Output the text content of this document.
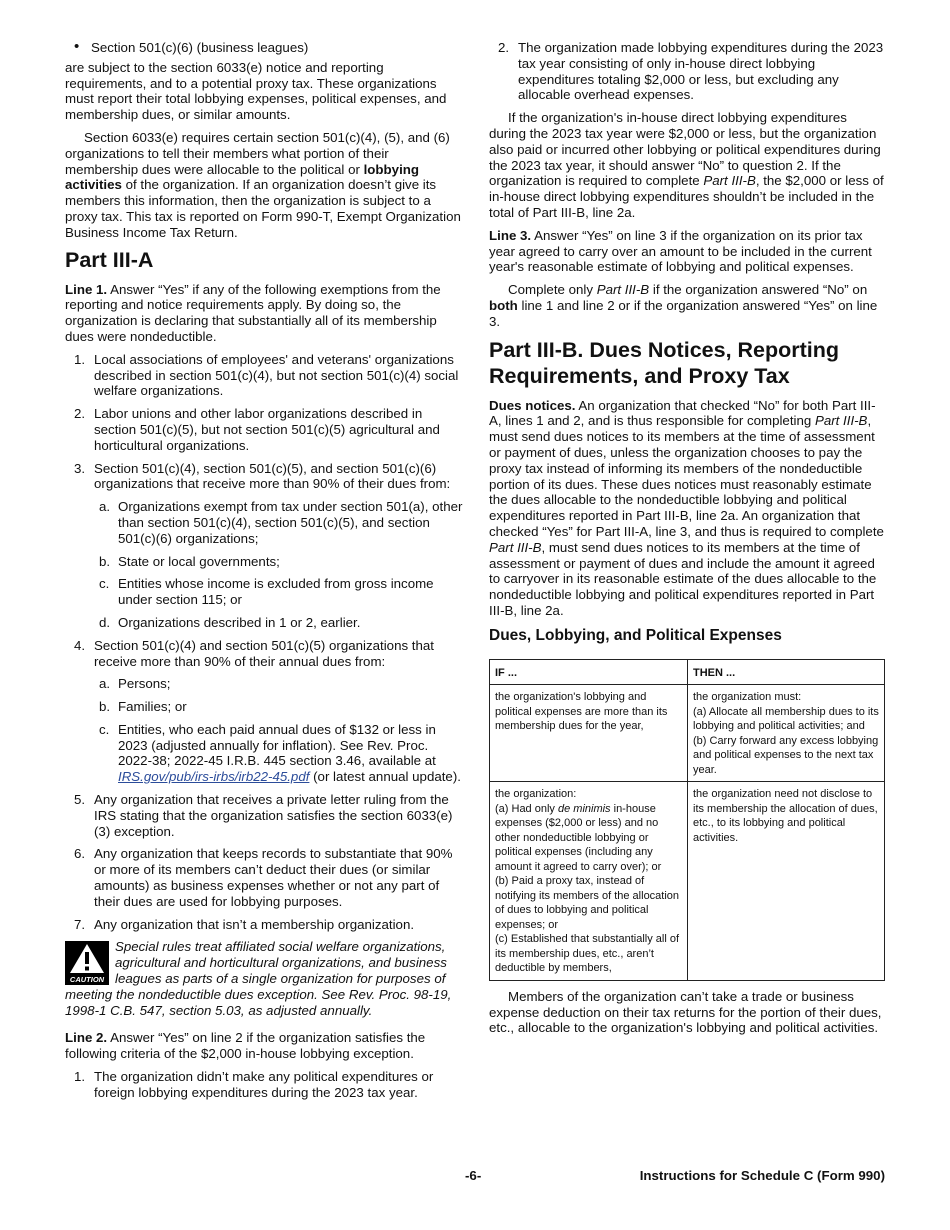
• Section 501(c)(6) (business leagues)

are subject to the section 6033(e) notice and reporting requirements, and to a potential proxy tax. These organizations must report their total lobbying expenses, political expenses, and membership dues, or similar amounts.

Section 6033(e) requires certain section 501(c)(4), (5), and (6) organizations to tell their members what portion of their membership dues were allocable to the political or lobbying activities of the organization. If an organization doesn’t give its members this information, then the organization is subject to a proxy tax. This tax is reported on Form 990-T, Exempt Organization Business Income Tax Return.

Part III-A

Line 1. Answer “Yes” if any of the following exemptions from the reporting and notice requirements apply. By doing so, the organization is declaring that substantially all of its membership dues were nondeductible.

1. Local associations of employees' and veterans' organizations described in section 501(c)(4), but not section 501(c)(4) social welfare organizations.
2. Labor unions and other labor organizations described in section 501(c)(5), but not section 501(c)(5) agricultural and horticultural organizations.
3. Section 501(c)(4), section 501(c)(5), and section 501(c)(6) organizations that receive more than 90% of their dues from:
a. Organizations exempt from tax under section 501(a), other than section 501(c)(4), section 501(c)(5), and section 501(c)(6) organizations;
b. State or local governments;
c. Entities whose income is excluded from gross income under section 115; or
d. Organizations described in 1 or 2, earlier.
4. Section 501(c)(4) and section 501(c)(5) organizations that receive more than 90% of their annual dues from:
a. Persons;
b. Families; or
c. Entities, who each paid annual dues of $132 or less in 2023 (adjusted annually for inflation). See Rev. Proc. 2022-38; 2022-45 I.R.B. 445 section 3.46, available at IRS.gov/pub/irs-irbs/irb22-45.pdf (or latest annual update).
5. Any organization that receives a private letter ruling from the IRS stating that the organization satisfies the section 6033(e)(3) exception.
6. Any organization that keeps records to substantiate that 90% or more of its members can’t deduct their dues (or similar amounts) as business expenses whether or not any part of their dues are used for lobbying purposes.
7. Any organization that isn’t a membership organization.
CAUTION
Special rules treat affiliated social welfare organizations, agricultural and horticultural organizations, and business leagues as parts of a single organization for purposes of
meeting the nondeductible dues exception. See Rev. Proc. 98-19, 1998-1 C.B. 547, section 5.03, as adjusted annually.

Line 2. Answer “Yes” on line 2 if the organization satisfies the following criteria of the $2,000 in-house lobbying exception.

1. The organization didn’t make any political expenditures or foreign lobbying expenditures during the 2023 tax year.
2. The organization made lobbying expenditures during the 2023 tax year consisting of only in-house direct lobbying expenditures totaling $2,000 or less, but excluding any allocable overhead expenses.

If the organization's in-house direct lobbying expenditures during the 2023 tax year were $2,000 or less, but the organization also paid or incurred other lobbying or political expenditures during the 2023 tax year, it should answer “No” to question 2. If the organization is required to complete Part III-B, the $2,000 or less of in-house direct lobbying expenditures shouldn’t be included in the total of Part III-B, line 2a.

Line 3. Answer “Yes” on line 3 if the organization on its prior tax year agreed to carry over an amount to be included in the current year's reasonable estimate of lobbying and political expenses.

Complete only Part III-B if the organization answered “No” on both line 1 and line 2 or if the organization answered “Yes” on line 3.

Part III-B. Dues Notices, Reporting Requirements, and Proxy Tax

Dues notices. An organization that checked “No” for both Part III-A, lines 1 and 2, and is thus responsible for completing Part III-B, must send dues notices to its members at the time of assessment or payment of dues, unless the organization chooses to pay the proxy tax instead of informing its members of the nondeductible portion of its dues. These dues notices must reasonably estimate the dues allocable to the nondeductible lobbying and political expenditures reported in Part III-B, line 2a. An organization that checked “Yes” for Part III-A, line 3, and thus is required to complete Part III-B, must send dues notices to its members at the time of assessment or payment of dues and include the amount it agreed to carryover in its reasonable estimate of the dues allocable to the nondeductible lobbying and political expenditures reported in Part III-B, line 2a.

Dues, Lobbying, and Political Expenses
IF ...	THEN ...
the organization's lobbying and political expenses are more than its membership dues for the year,	the organization must:
(a) Allocate all membership dues to its lobbying and political activities; and
(b) Carry forward any excess lobbying and political expenses to the next tax year.

the organization:
(a) Had only de minimis in-house expenses ($2,000 or less) and no other nondeductible lobbying or political expenses (including any amount it agreed to carry over); or
(b) Paid a proxy tax, instead of notifying its members of the allocation of dues to lobbying and political expenses; or
(c) Established that substantially all of its membership dues, etc., aren’t deductible by members,	the organization need not disclose to its membership the allocation of dues, etc., to its lobbying and political activities.

Members of the organization can’t take a trade or business expense deduction on their tax returns for the portion of their dues, etc., allocable to the organization's lobbying and political activities.

-6-	Instructions for Schedule C (Form 990)
